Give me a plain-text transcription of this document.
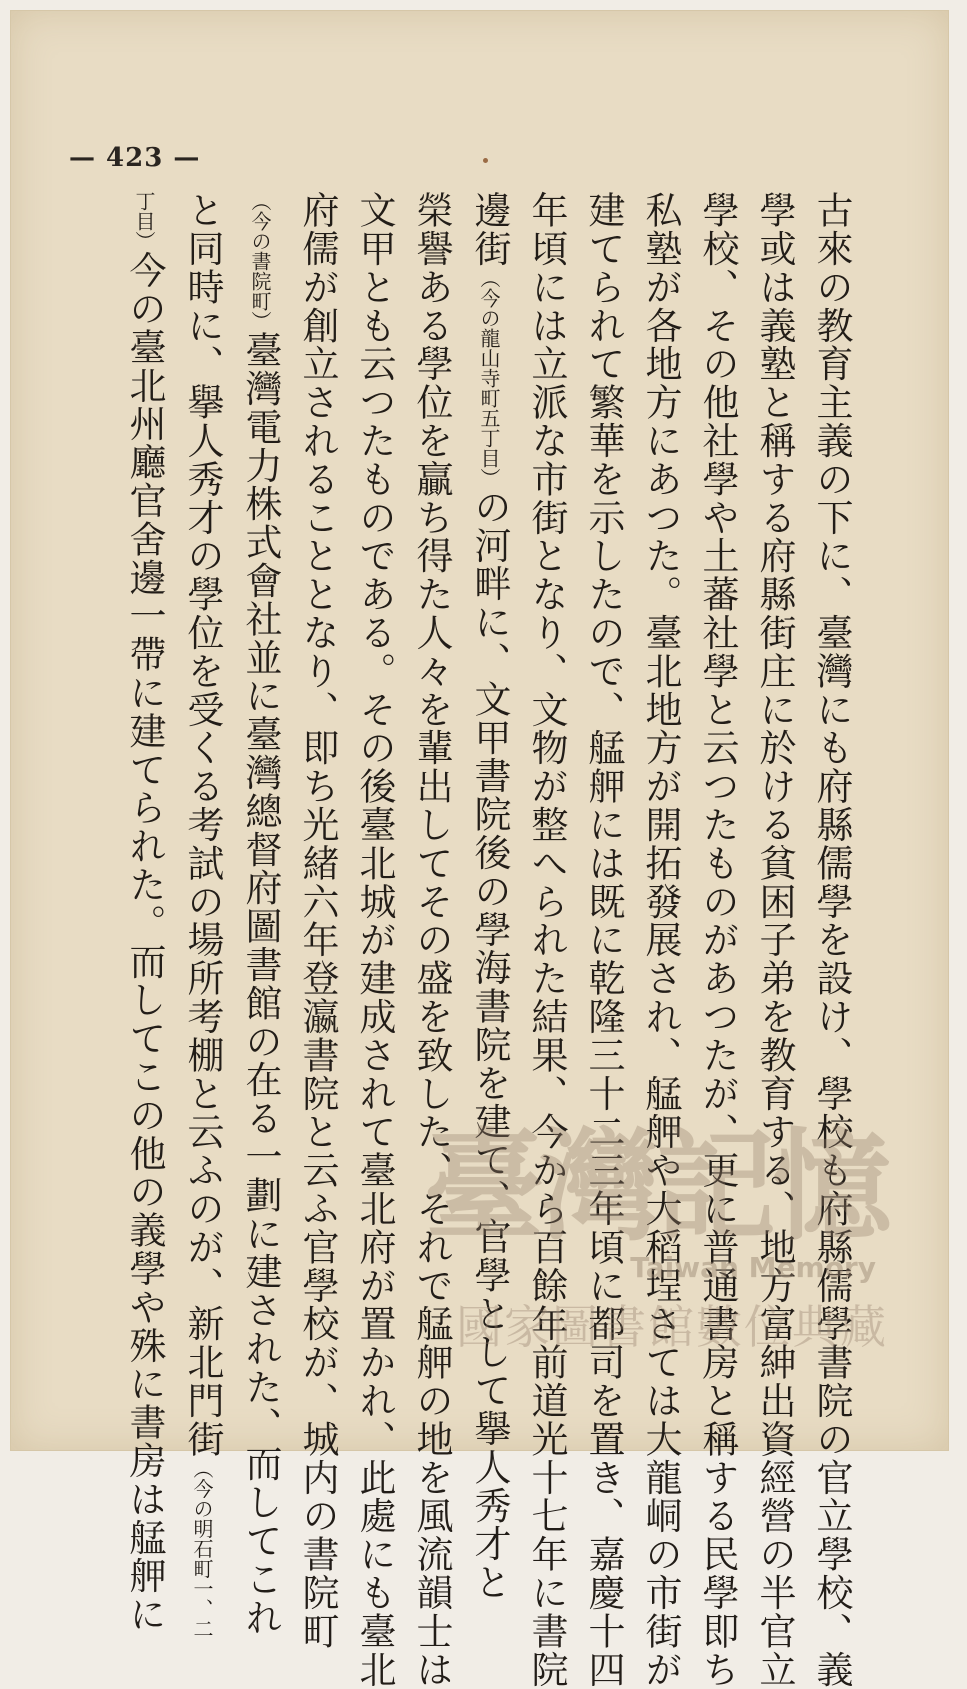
— 423 —
古來の教育主義の下に、臺灣にも府縣儒學を設け、學校も府縣儒學書院の官立學校、義
學或は義塾と稱する府縣街庄に於ける貧困子弟を教育する、地方富紳出資經營の半官立
學校、その他社學や土蕃社學と云つたものがあつたが、更に普通書房と稱する民學即ち
私塾が各地方にあつた。臺北地方が開拓發展され、艋舺や大稻埕さては大龍峒の市街が
建てられて繁華を示したので、艋舺には既に乾隆三十二三年頃に都司を置き、嘉慶十四
年頃には立派な市街となり、文物が整へられた結果、今から百餘年前道光十七年に書院
邊街（今の龍山寺町五丁目）の河畔に、文甲書院後の學海書院を建て、官學として擧人秀才と
榮譽ある學位を贏ち得た人々を輩出してその盛を致した、それで艋舺の地を風流韻士は
文甲とも云つたものである。その後臺北城が建成されて臺北府が置かれ、此處にも臺北
府儒が創立されることとなり、即ち光緒六年登瀛書院と云ふ官學校が、城内の書院町
（今の書院町）臺灣電力株式會社並に臺灣總督府圖書館の在る一劃に建された、而してこれ
と同時に、擧人秀才の學位を受くる考試の場所考棚と云ふのが、新北門街（今の明石町一、二
丁目）今の臺北州廳官舍邊一帶に建てられた。而してこの他の義學や殊に書房は艋舺に 臺灣記憶
Taiwan Memory
國家圖書館數位典藏
